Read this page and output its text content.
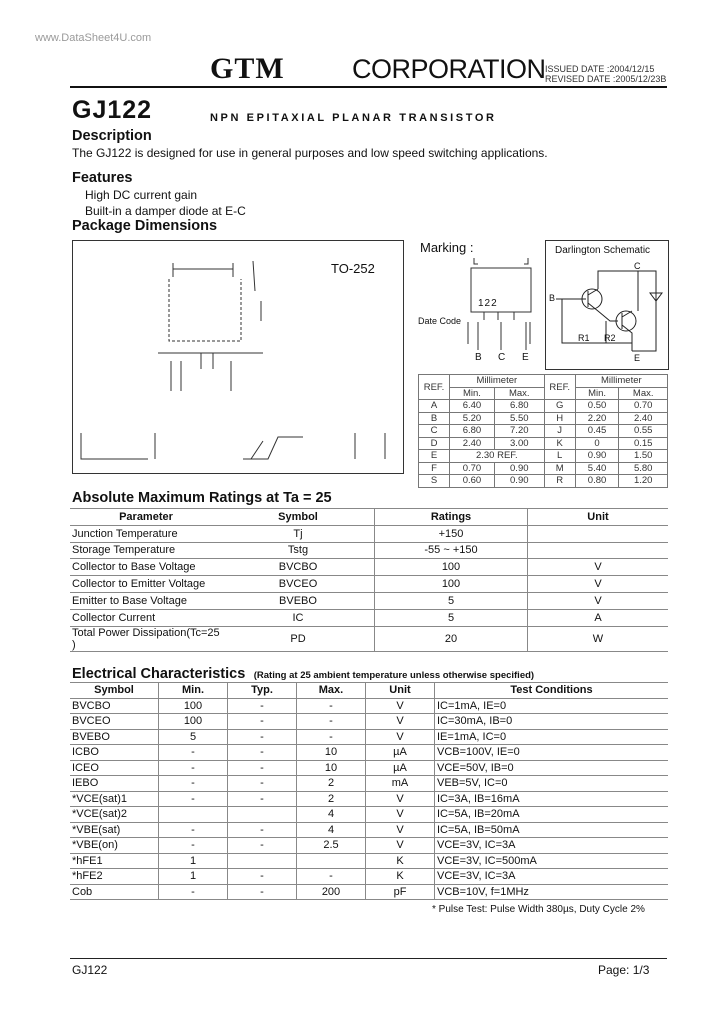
www.DataSheet4U.com
GTM CORPORATION ISSUED DATE :2004/12/15
REVISED DATE :2005/12/23B
GJ122	NPN EPITAXIAL PLANAR TRANSISTOR
Description
The GJ122 is designed for use in general purposes and low speed switching applications.
Features
High DC current gain
Built-in a damper diode at E-C
Package Dimensions
TO-252
Marking :
122
Date Code
B C E
Darlington Schematic
C
B
E
R1 R2
REF.	Millimeter		REF.	Millimeter	
	Min.	Max.		Min.	Max.
A	6.40	6.80	G	0.50	0.70
B	5.20	5.50	H	2.20	2.40
C	6.80	7.20	J	0.45	0.55
D	2.40	3.00	K	0	0.15
E	2.30 REF.		L	0.90	1.50
F	0.70	0.90	M	5.40	5.80
S	0.60	0.90	R	0.80	1.20
Absolute Maximum Ratings at Ta = 25
Parameter	Symbol	Ratings	Unit
Junction Temperature	Tj	+150	
Storage Temperature	Tstg	-55 ~ +150	
Collector to Base Voltage	BVCBO	100	V
Collector to Emitter Voltage	BVCEO	100	V
Emitter to Base Voltage	BVEBO	5	V
Collector Current	IC	5	A
Total Power Dissipation(Tc=25 )	PD	20	W
Electrical Characteristics (Rating at 25 ambient temperature unless otherwise specified)
Symbol	Min.	Typ.	Max.	Unit	Test Conditions
BVCBO	100	-	-	V	IC=1mA, IE=0
BVCEO	100	-	-	V	IC=30mA, IB=0
BVEBO	5	-	-	V	IE=1mA, IC=0
ICBO	-	-	10	µA	VCB=100V, IE=0
ICEO	-	-	10	µA	VCE=50V, IB=0
IEBO	-	-	2	mA	VEB=5V, IC=0
*VCE(sat)1	-	-	2	V	IC=3A, IB=16mA
*VCE(sat)2			4	V	IC=5A, IB=20mA
*VBE(sat)	-	-	4	V	IC=5A, IB=50mA
*VBE(on)	-	-	2.5	V	VCE=3V, IC=3A
*hFE1	1			K	VCE=3V, IC=500mA
*hFE2	1	-	-	K	VCE=3V, IC=3A
Cob	-	-	200	pF	VCB=10V, f=1MHz
* Pulse Test: Pulse Width 380µs, Duty Cycle 2%
GJ122	Page: 1/3
